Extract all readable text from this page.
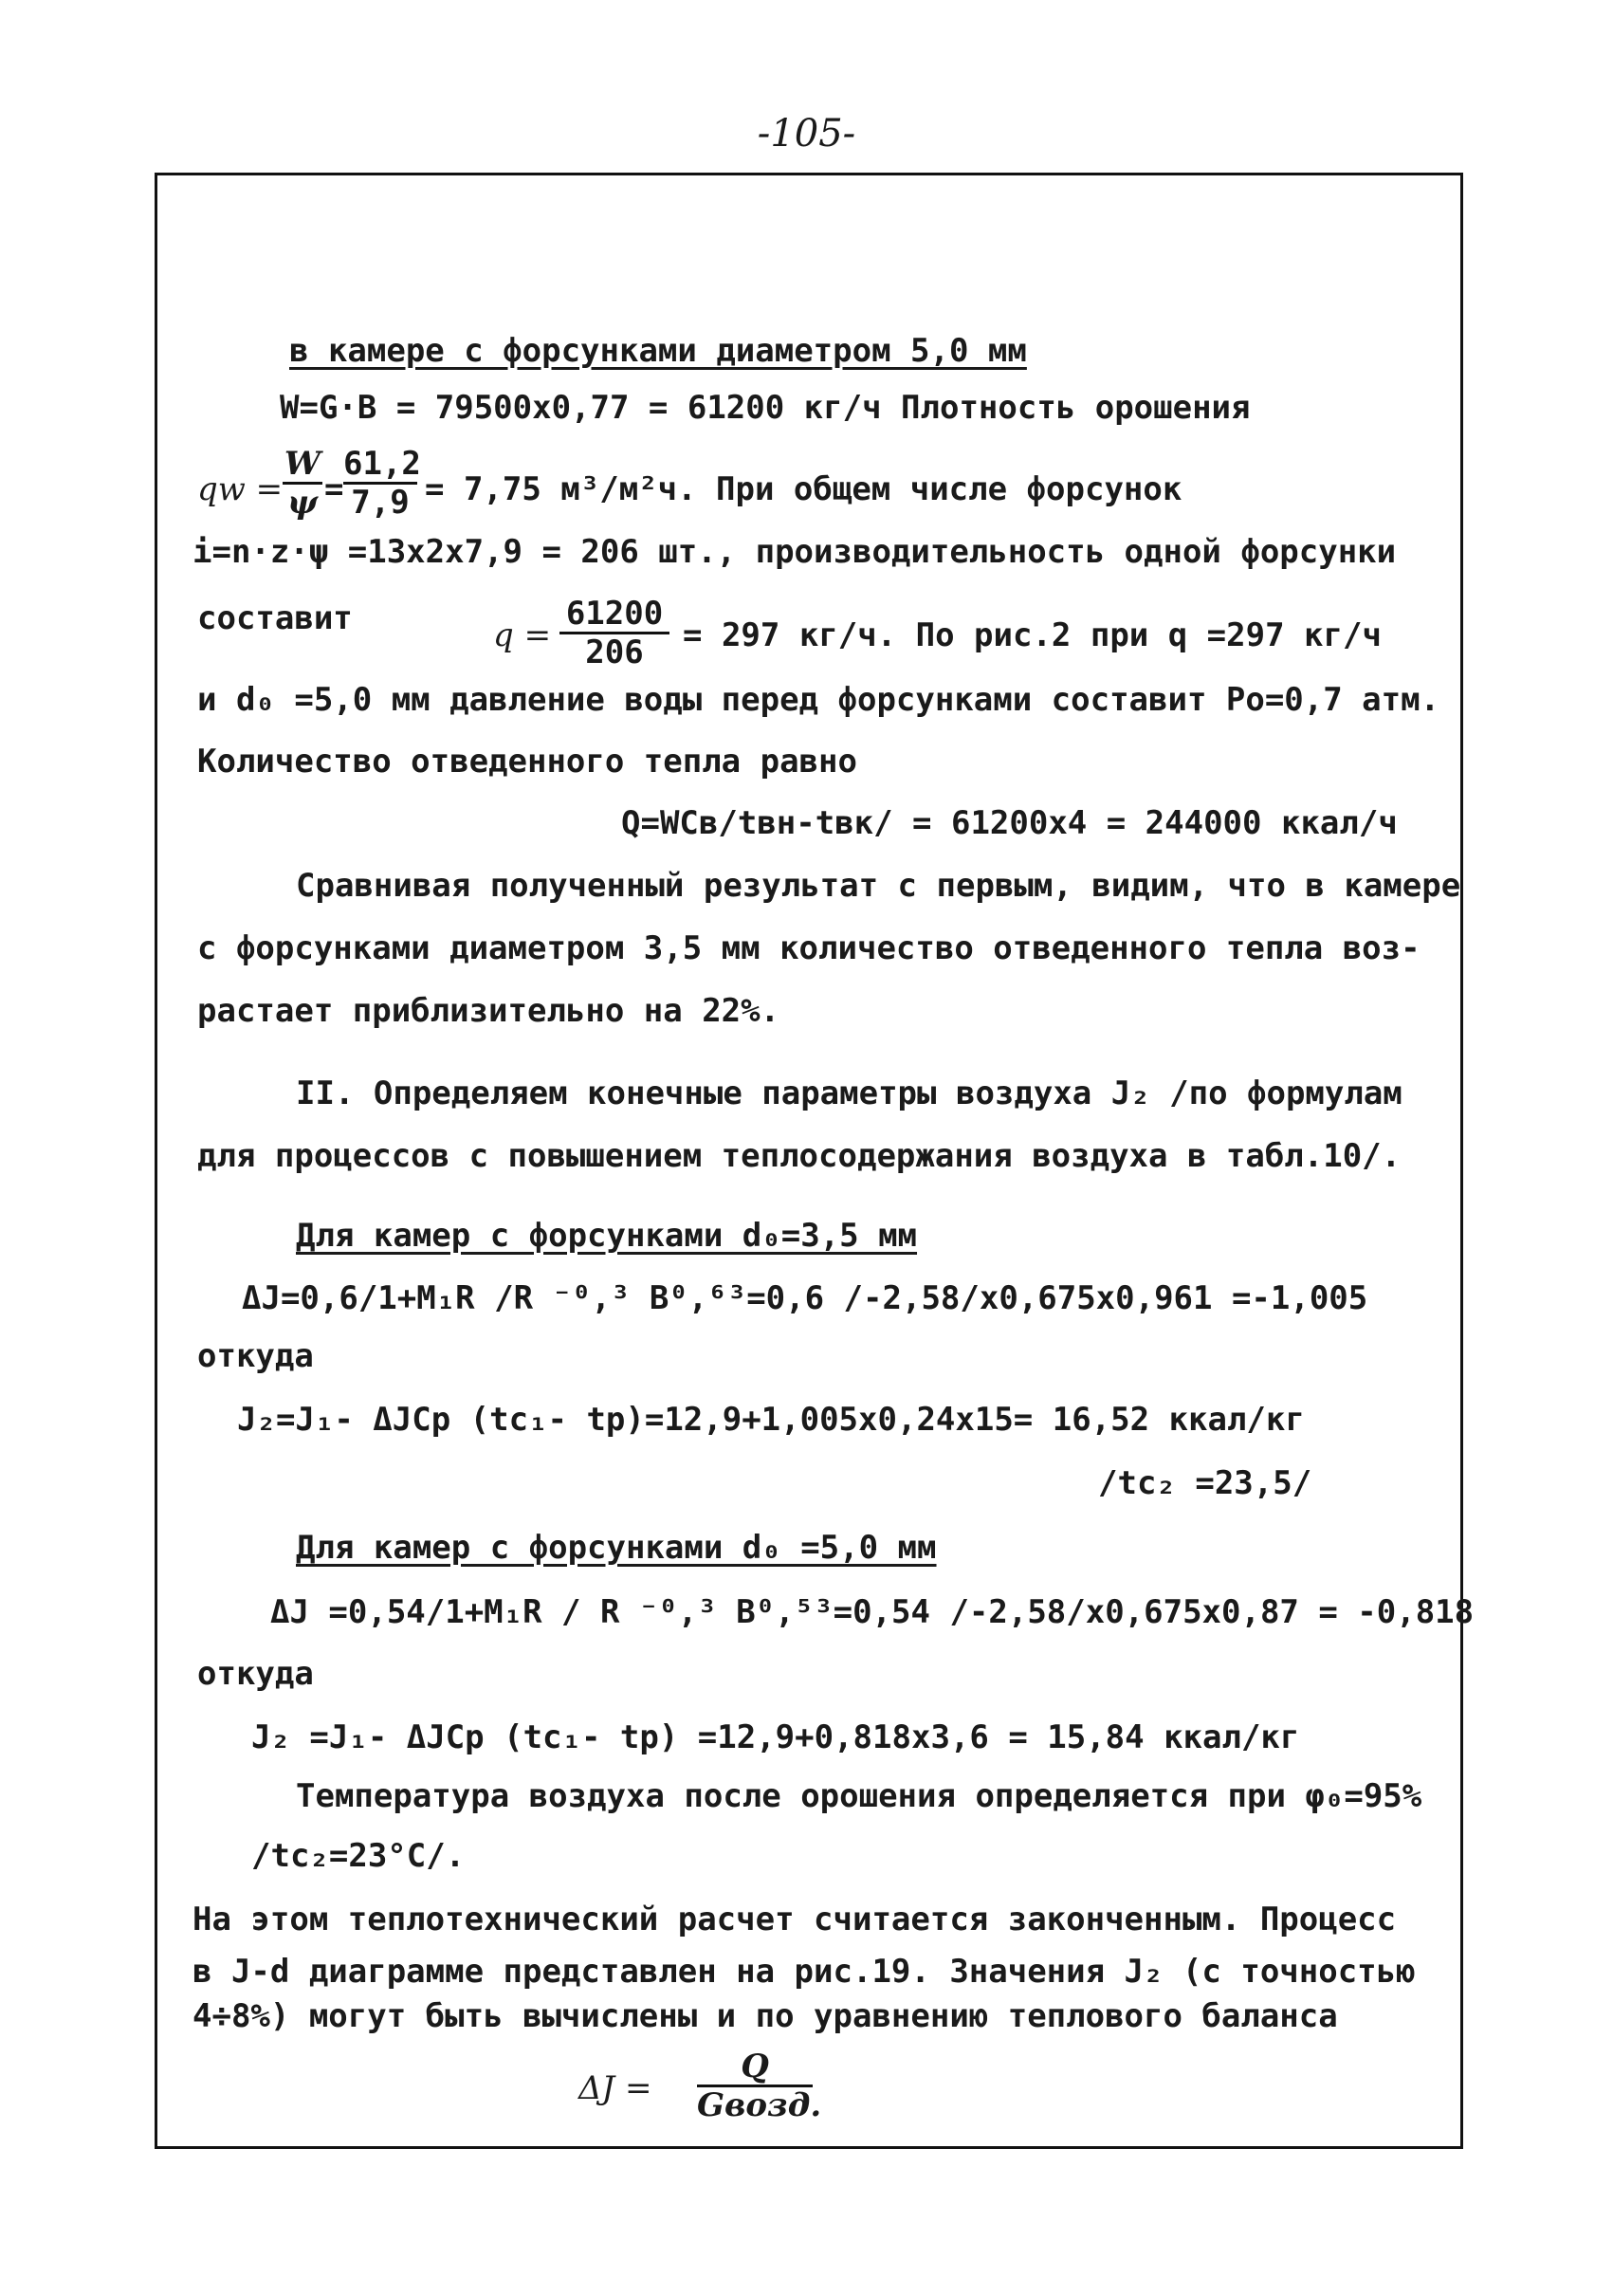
-105-
в камере с форсунками диаметром 5,0 мм
W=G·B = 79500x0,77 = 61200 кг/ч Плотность орошения
qw = $\frac{W}{\psi} = \frac{61,2}{7,9} = 7,75$ м³/м²ч. При общем числе форсунок
i=n·z·ψ =13x2x7,9 = 206 шт., производительность одной форсунки
составит	$q = \frac{61200}{206} = 297$ кг/ч. По рис.2 при q =297 кг/ч
и d₀ =5,0 мм давление воды перед форсунками составит Ро=0,7 атм.
Количество отведенного тепла равно
Q=WCв/tвн-tвк/ = 61200x4 = 244000 ккал/ч
Сравнивая полученный результат с первым, видим, что в камере
с форсунками диаметром 3,5 мм количество отведенного тепла воз-
растает приблизительно на 22%.
II. Определяем конечные параметры воздуха J₂ /по формулам
для процессов с повышением теплосодержания воздуха в табл.10/.
Для камер с форсунками d₀=3,5 мм
ΔJ=0,6/1+M₁R /R ⁻⁰,³ B⁰,⁶³=0,6 /-2,58/x0,675x0,961 =-1,005
откуда
J₂=J₁- ΔJCр (tс₁- tр)=12,9+1,005x0,24x15= 16,52 ккал/кг
/tс₂ =23,5/
Для камер с форсунками d₀ =5,0 мм
ΔJ =0,54/1+M₁R / R ⁻⁰,³ B⁰,⁵³=0,54 /-2,58/x0,675x0,87 = -0,818
откуда
J₂ =J₁- ΔJCр (tс₁- tр) =12,9+0,818x3,6 = 15,84 ккал/кг
Температура воздуха после орошения определяется при φ₀=95%
/tс₂=23°С/.
На этом теплотехнический расчет считается законченным. Процесс
в J-d диаграмме представлен на рис.19. Значения J₂ (с точностью
4÷8%) могут быть вычислены и по уравнению теплового баланса
ΔJ =
Q
Gвозд.
